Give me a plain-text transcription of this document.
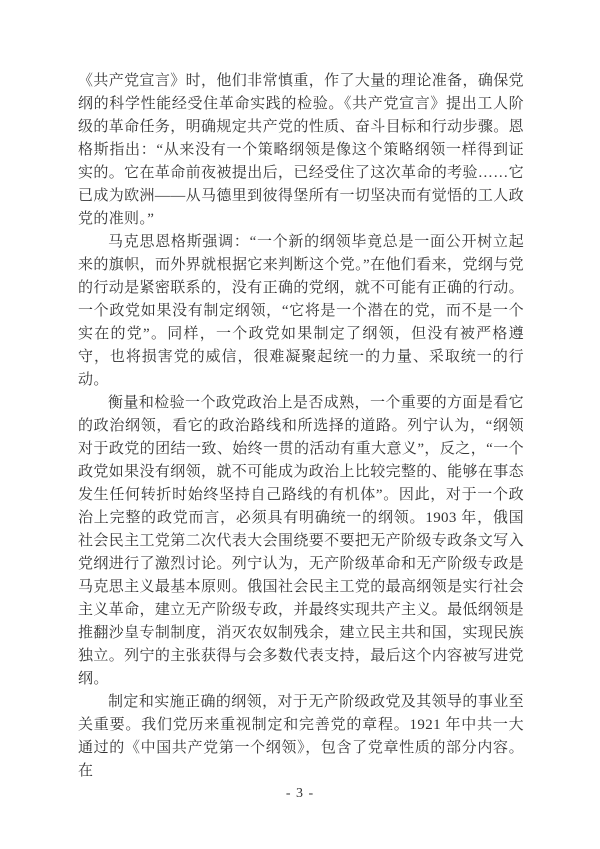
《共产党宣言》时，他们非常慎重，作了大量的理论准备，确保党纲的科学性能经受住革命实践的检验。《共产党宣言》提出工人阶级的革命任务，明确规定共产党的性质、奋斗目标和行动步骤。恩格斯指出：“从来没有一个策略纲领是像这个策略纲领一样得到证实的。它在革命前夜被提出后，已经受住了这次革命的考验……它已成为欧洲——从马德里到彼得堡所有一切坚决而有觉悟的工人政党的准则。”

马克思恩格斯强调：“一个新的纲领毕竟总是一面公开树立起来的旗帜，而外界就根据它来判断这个党。”在他们看来，党纲与党的行动是紧密联系的，没有正确的党纲，就不可能有正确的行动。一个政党如果没有制定纲领，“它将是一个潜在的党，而不是一个实在的党”。同样，一个政党如果制定了纲领，但没有被严格遵守，也将损害党的威信，很难凝聚起统一的力量、采取统一的行动。

衡量和检验一个政党政治上是否成熟，一个重要的方面是看它的政治纲领，看它的政治路线和所选择的道路。列宁认为，“纲领对于政党的团结一致、始终一贯的活动有重大意义”，反之，“一个政党如果没有纲领，就不可能成为政治上比较完整的、能够在事态发生任何转折时始终坚持自己路线的有机体”。因此，对于一个政治上完整的政党而言，必须具有明确统一的纲领。1903 年，俄国社会民主工党第二次代表大会围绕要不要把无产阶级专政条文写入党纲进行了激烈讨论。列宁认为，无产阶级革命和无产阶级专政是马克思主义最基本原则。俄国社会民主工党的最高纲领是实行社会主义革命，建立无产阶级专政，并最终实现共产主义。最低纲领是推翻沙皇专制制度，消灭农奴制残余，建立民主共和国，实现民族独立。列宁的主张获得与会多数代表支持，最后这个内容被写进党纲。

制定和实施正确的纲领，对于无产阶级政党及其领导的事业至关重要。我们党历来重视制定和完善党的章程。1921 年中共一大通过的《中国共产党第一个纲领》，包含了党章性质的部分内容。在

- 3 -
